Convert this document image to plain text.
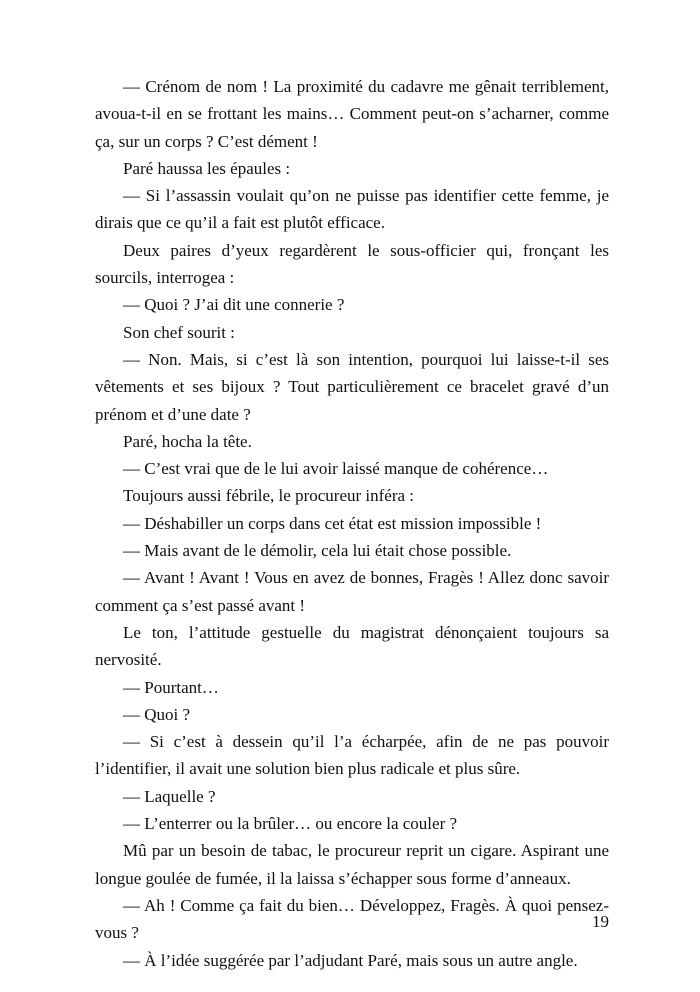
— Crénom de nom ! La proximité du cadavre me gênait terriblement, avoua-t-il en se frottant les mains… Comment peut-on s’acharner, comme ça, sur un corps ? C’est dément !

Paré haussa les épaules :

— Si l’assassin voulait qu’on ne puisse pas identifier cette femme, je dirais que ce qu’il a fait est plutôt efficace.

Deux paires d’yeux regardèrent le sous-officier qui, fronçant les sourcils, interrogea :

— Quoi ? J’ai dit une connerie ?

Son chef sourit :

— Non. Mais, si c’est là son intention, pourquoi lui laisse-t-il ses vêtements et ses bijoux ? Tout particulièrement ce bracelet gravé d’un prénom et d’une date ?

Paré, hocha la tête.

— C’est vrai que de le lui avoir laissé manque de cohérence…

Toujours aussi fébrile, le procureur inféra :

— Déshabiller un corps dans cet état est mission impossible !

— Mais avant de le démolir, cela lui était chose possible.

— Avant ! Avant ! Vous en avez de bonnes, Fragès ! Allez donc savoir comment ça s’est passé avant !

Le ton, l’attitude gestuelle du magistrat dénonçaient toujours sa nervosité.

— Pourtant…

— Quoi ?

— Si c’est à dessein qu’il l’a écharpée, afin de ne pas pouvoir l’identifier, il avait une solution bien plus radicale et plus sûre.

— Laquelle ?

— L’enterrer ou la brûler… ou encore la couler ?

Mû par un besoin de tabac, le procureur reprit un cigare. Aspirant une longue goulée de fumée, il la laissa s’échapper sous forme d’anneaux.

— Ah ! Comme ça fait du bien… Développez, Fragès. À quoi pensez-vous ?

— À l’idée suggérée par l’adjudant Paré, mais sous un autre angle.

19
